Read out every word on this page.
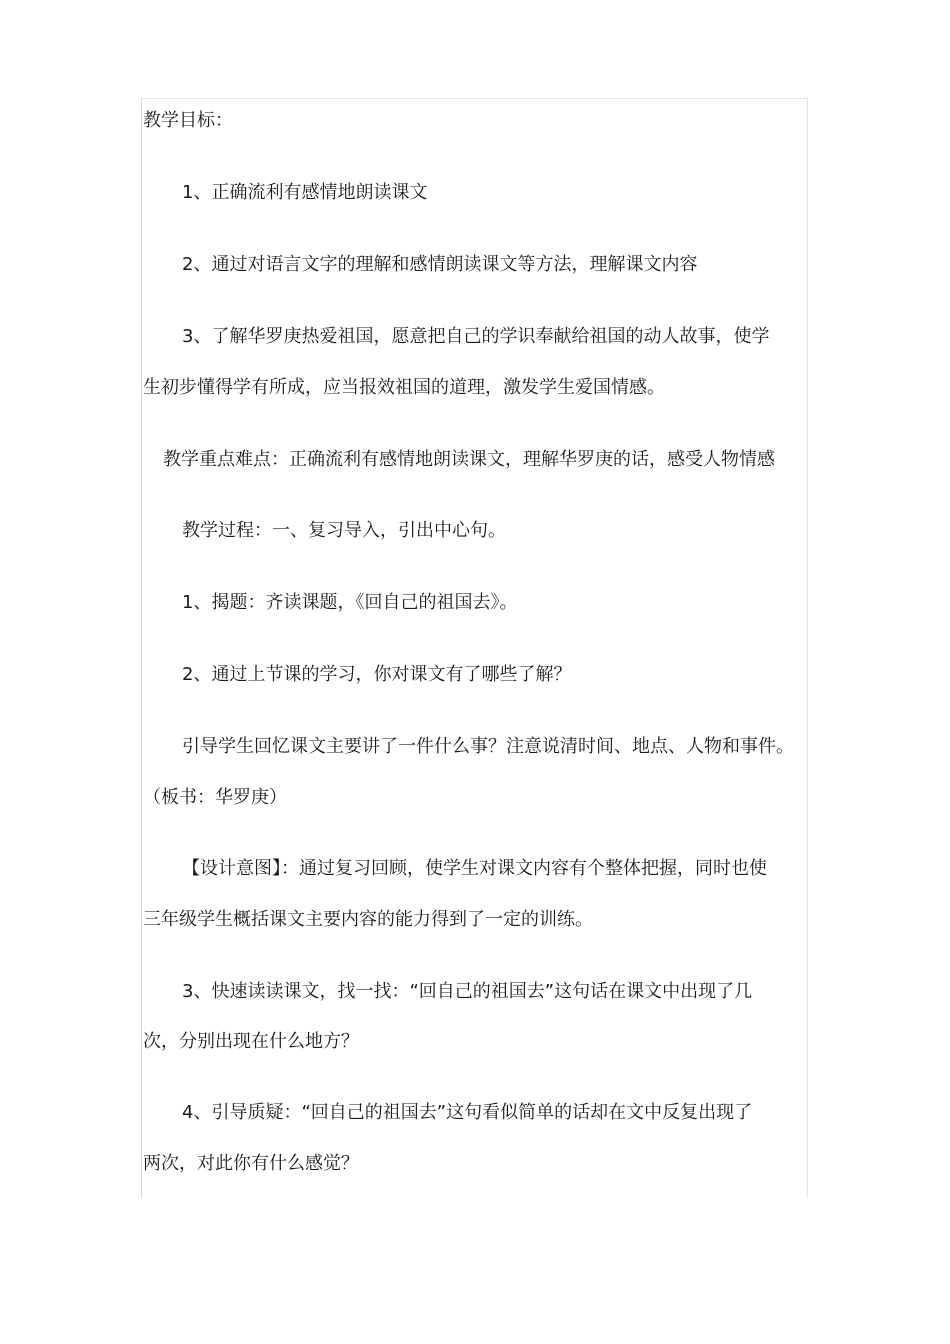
教学目标：
1、正确流利有感情地朗读课文
2、通过对语言文字的理解和感情朗读课文等方法，理解课文内容
3、了解华罗庚热爱祖国，愿意把自己的学识奉献给祖国的动人故事，使学
生初步懂得学有所成，应当报效祖国的道理，激发学生爱国情感。
教学重点难点：正确流利有感情地朗读课文，理解华罗庚的话，感受人物情感
教学过程：一、复习导入，引出中心句。
1、揭题：齐读课题，《回自己的祖国去》。
2、通过上节课的学习，你对课文有了哪些了解？
引导学生回忆课文主要讲了一件什么事？注意说清时间、地点、人物和事件。
（板书：华罗庚）
【设计意图】：通过复习回顾，使学生对课文内容有个整体把握，同时也使
三年级学生概括课文主要内容的能力得到了一定的训练。
3、快速读读课文，找一找：“回自己的祖国去”这句话在课文中出现了几
次，分别出现在什么地方？
4、引导质疑：“回自己的祖国去”这句看似简单的话却在文中反复出现了
两次，对此你有什么感觉？
